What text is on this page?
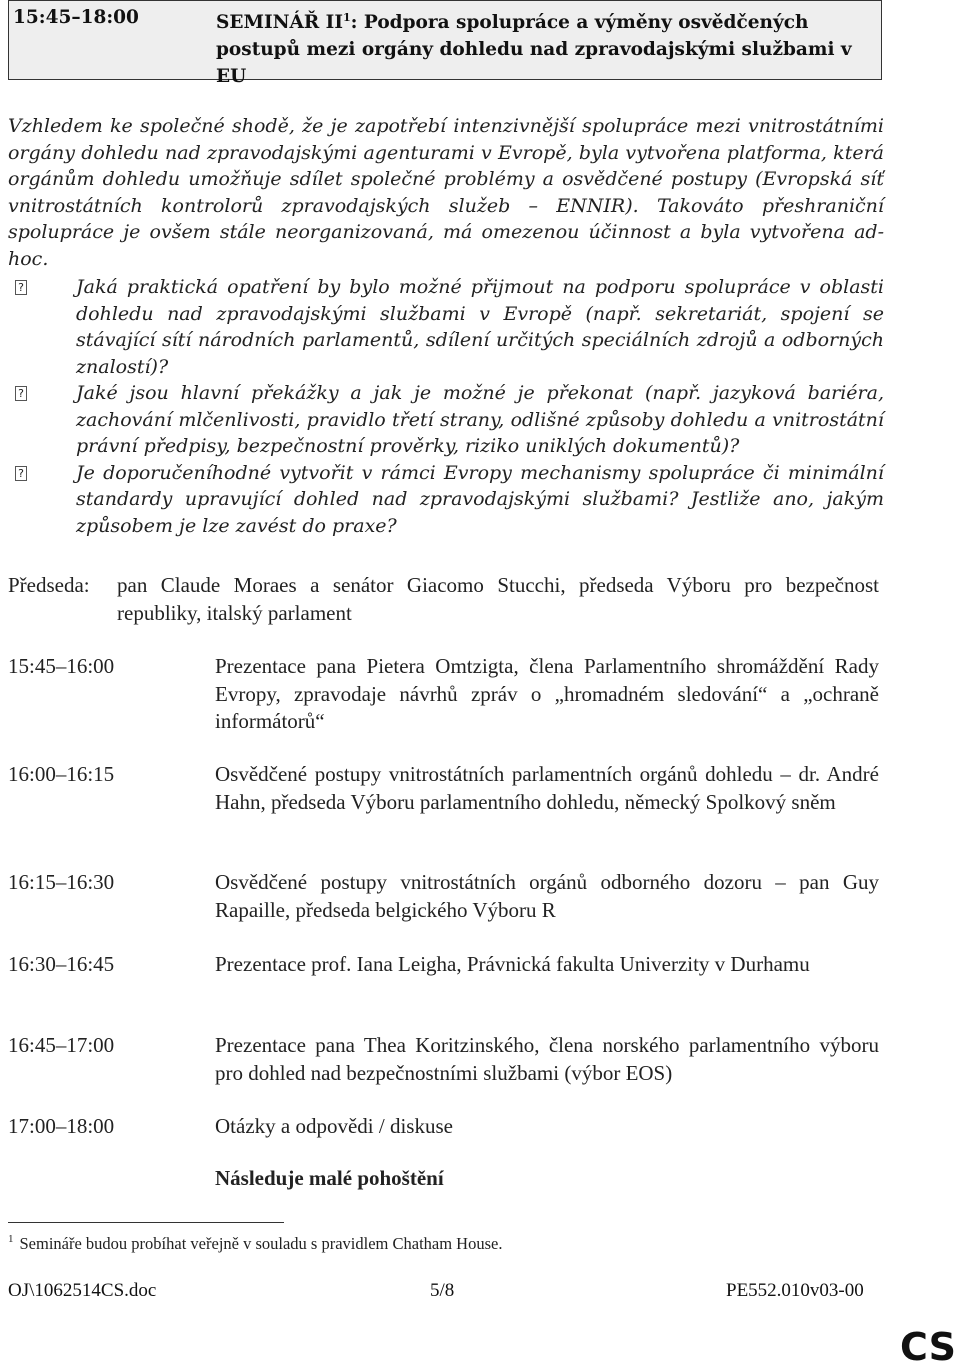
15:45–18:00	SEMINÁŘ $II^1$: Podpora spolupráce a výměny osvědčených postupů mezi orgány dohledu nad zpravodajskými službami v EU
Vzhledem ke společné shodě, že je zapotřebí intenzivnější spolupráce mezi vnitrostátními orgány dohledu nad zpravodajskými agenturami v Evropě, byla vytvořena platforma, která orgánům dohledu umožňuje sdílet společné problémy a osvědčené postupy (Evropská síť vnitrostátních kontrolorů zpravodajských služeb – ENNIR). Takováto přeshraniční spolupráce je ovšem stále neorganizovaná, má omezenou účinnost a byla vytvořena ad-hoc.
?	Jaká praktická opatření by bylo možné přijmout na podporu spolupráce v oblasti dohledu nad zpravodajskými službami v Evropě (např. sekretariát, spojení se stávající sítí národních parlamentů, sdílení určitých speciálních zdrojů a odborných znalostí)?
?	Jaké jsou hlavní překážky a jak je možné je překonat (např. jazyková bariéra, zachování mlčenlivosti, pravidlo třetí strany, odlišné způsoby dohledu a vnitrostátní právní předpisy, bezpečnostní prověrky, riziko uniklých dokumentů)?
?	Je doporučeníhodné vytvořit v rámci Evropy mechanismy spolupráce či minimální standardy upravující dohled nad zpravodajskými službami? Jestliže ano, jakým způsobem je lze zavést do praxe?
Předseda: pan Claude Moraes a senátor Giacomo Stucchi, předseda Výboru pro bezpečnost republiky, italský parlament
15:45–16:00	Prezentace pana Pietera Omtzigta, člena Parlamentního shromáždění Rady Evropy, zpravodaje návrhů zpráv o „hromadném sledování“ a „ochraně informátorů“
16:00–16:15	Osvědčené postupy vnitrostátních parlamentních orgánů dohledu – dr. André Hahn, předseda Výboru parlamentního dohledu, německý Spolkový sněm
16:15–16:30	Osvědčené postupy vnitrostátních orgánů odborného dozoru – pan Guy Rapaille, předseda belgického Výboru R
16:30–16:45	Prezentace prof. Iana Leigha, Právnická fakulta Univerzity v Durhamu
16:45–17:00	Prezentace pana Thea Koritzinského, člena norského parlamentního výboru pro dohled nad bezpečnostními službami (výbor EOS)
17:00–18:00	Otázky a odpovědi / diskuse
Následuje malé pohoštění
$^1$ Semináře budou probíhat veřejně v souladu s pravidlem Chatham House.
OJ\1062514CS.doc	5/8	PE552.010v03-00
CS
